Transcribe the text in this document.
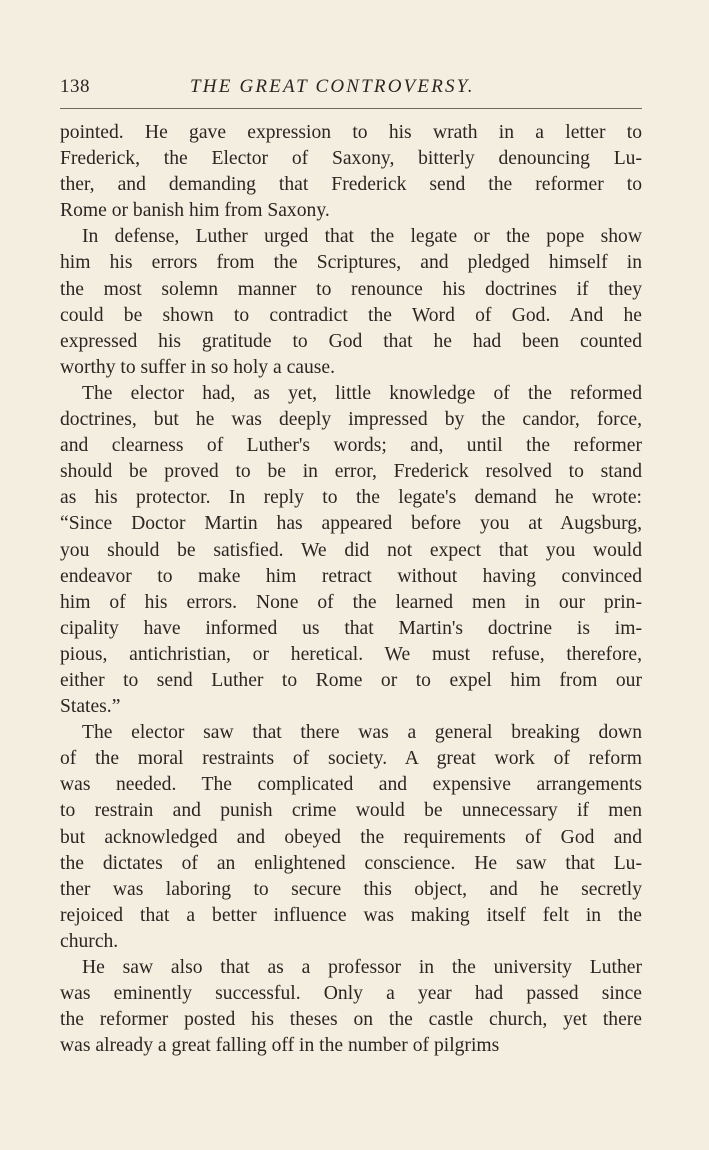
138	THE GREAT CONTROVERSY.

pointed. He gave expression to his wrath in a letter to
Frederick, the Elector of Saxony, bitterly denouncing Lu-
ther, and demanding that Frederick send the reformer to
Rome or banish him from Saxony.

In defense, Luther urged that the legate or the pope show
him his errors from the Scriptures, and pledged himself in
the most solemn manner to renounce his doctrines if they
could be shown to contradict the Word of God. And he
expressed his gratitude to God that he had been counted
worthy to suffer in so holy a cause.

The elector had, as yet, little knowledge of the reformed
doctrines, but he was deeply impressed by the candor, force,
and clearness of Luther's words; and, until the reformer
should be proved to be in error, Frederick resolved to stand
as his protector. In reply to the legate's demand he wrote:
“Since Doctor Martin has appeared before you at Augsburg,
you should be satisfied. We did not expect that you would
endeavor to make him retract without having convinced
him of his errors. None of the learned men in our prin-
cipality have informed us that Martin's doctrine is im-
pious, antichristian, or heretical. We must refuse, therefore,
either to send Luther to Rome or to expel him from our
States.”

The elector saw that there was a general breaking down
of the moral restraints of society. A great work of reform
was needed. The complicated and expensive arrangements
to restrain and punish crime would be unnecessary if men
but acknowledged and obeyed the requirements of God and
the dictates of an enlightened conscience. He saw that Lu-
ther was laboring to secure this object, and he secretly
rejoiced that a better influence was making itself felt in the
church.

He saw also that as a professor in the university Luther
was eminently successful. Only a year had passed since
the reformer posted his theses on the castle church, yet there
was already a great falling off in the number of pilgrims
